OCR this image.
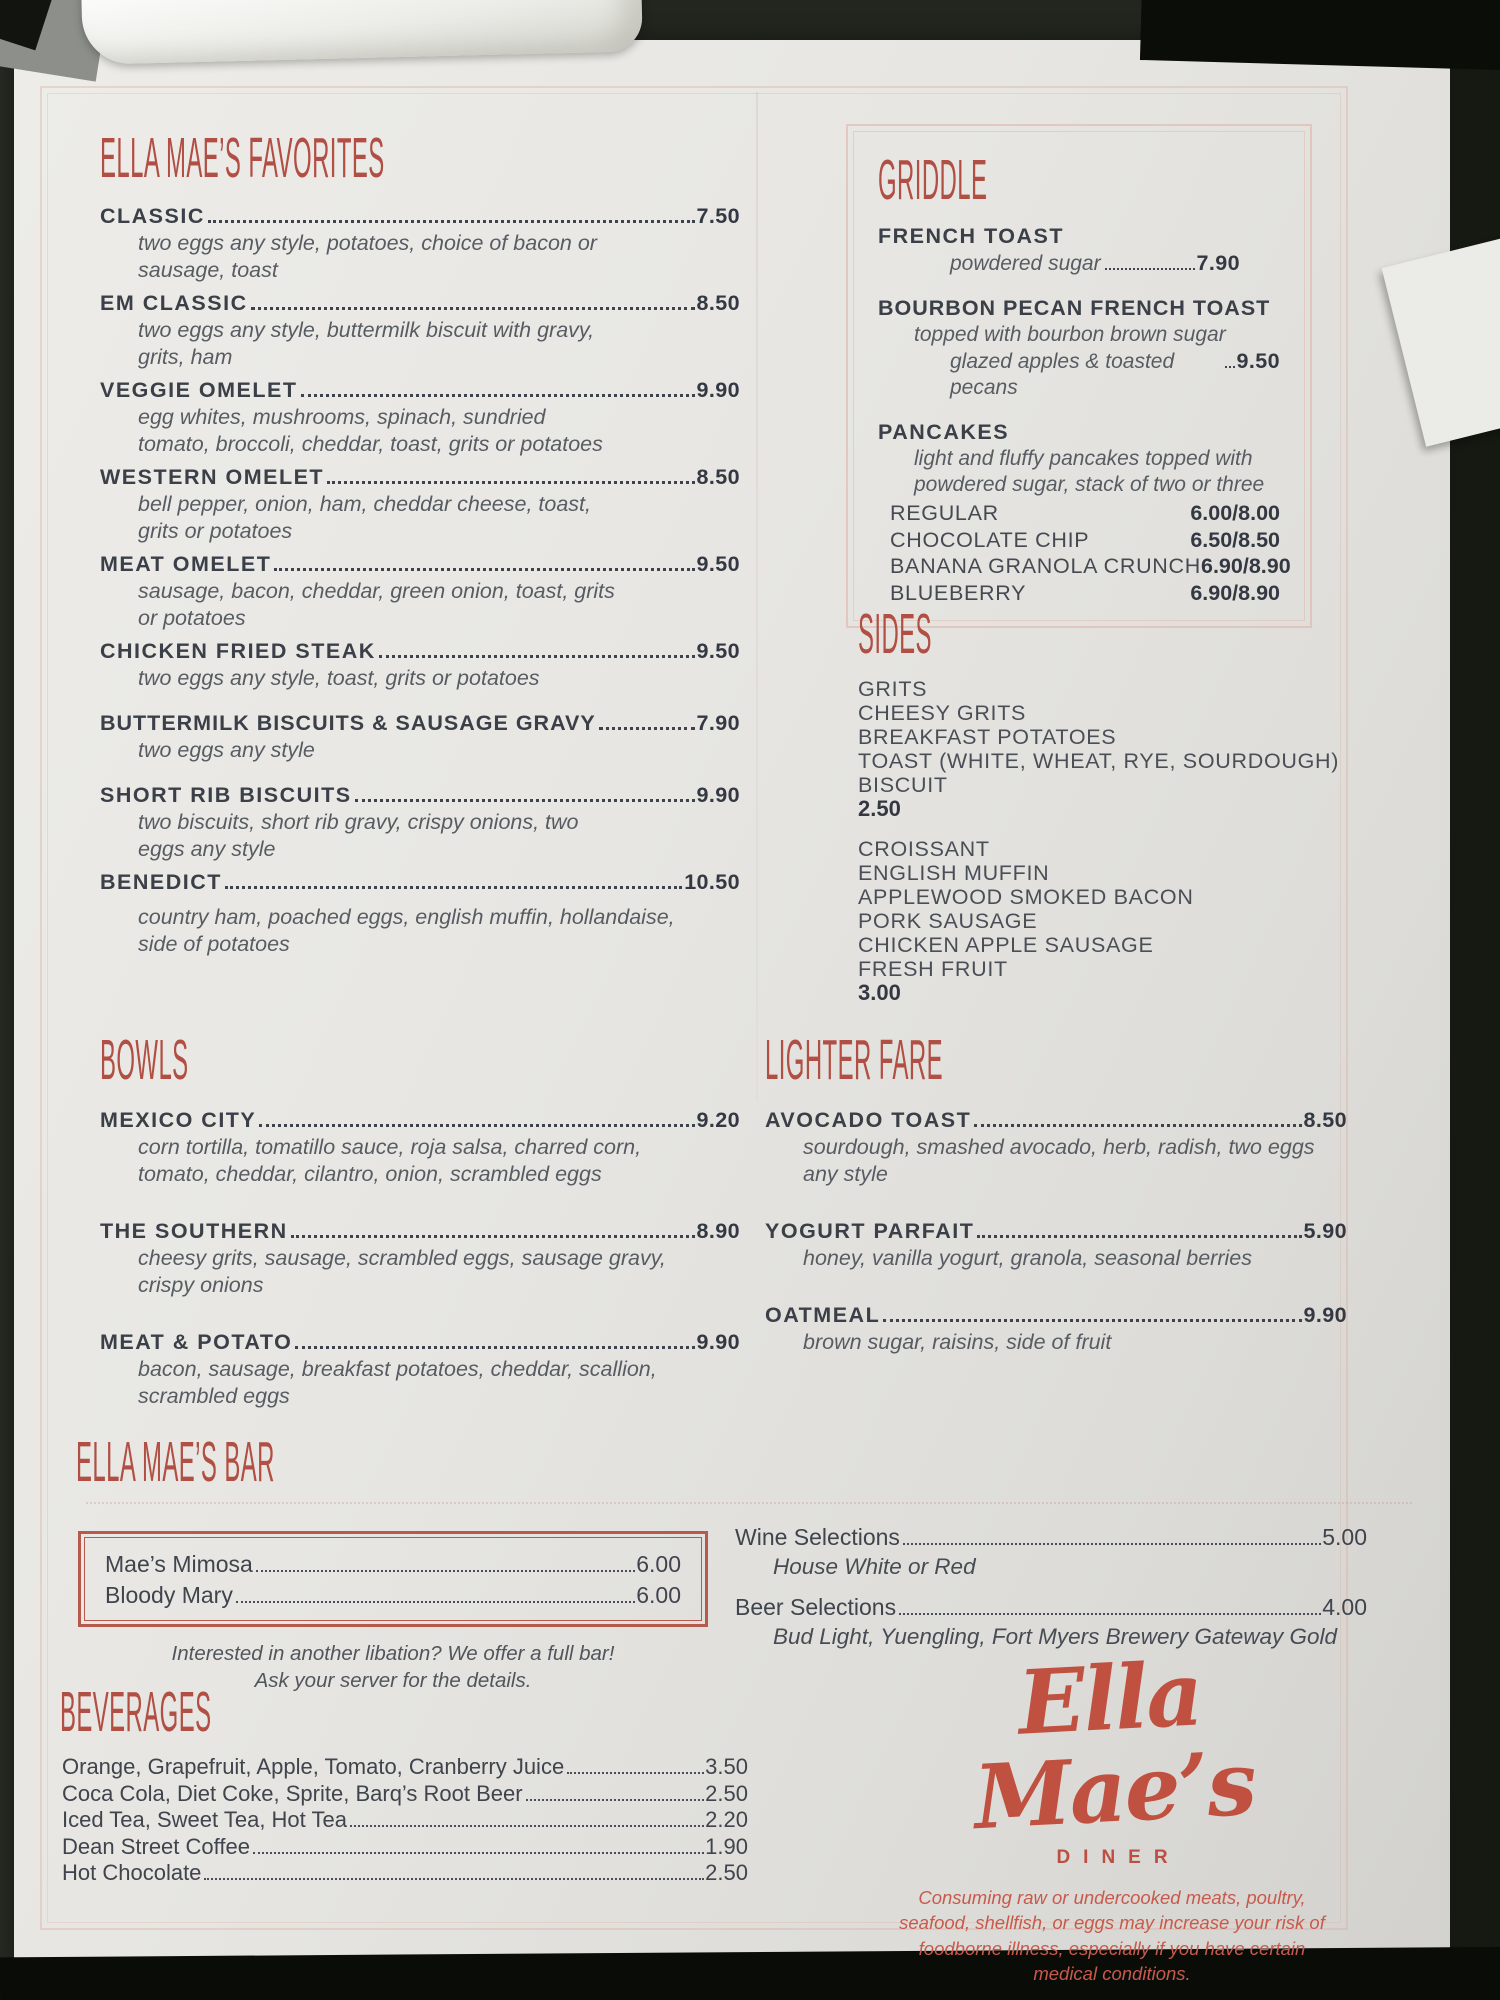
ELLA MAE’S FAVORITES
CLASSIC	7.50
two eggs any style, potatoes, choice of bacon or sausage, toast
EM CLASSIC	8.50
two eggs any style, buttermilk biscuit with gravy, grits, ham
VEGGIE OMELET	9.90
egg whites, mushrooms, spinach, sundried tomato, broccoli, cheddar, toast, grits or potatoes
WESTERN OMELET	8.50
bell pepper, onion, ham, cheddar cheese, toast, grits or potatoes
MEAT OMELET	9.50
sausage, bacon, cheddar, green onion, toast, grits or potatoes
CHICKEN FRIED STEAK	9.50
two eggs any style, toast, grits or potatoes
BUTTERMILK BISCUITS & SAUSAGE GRAVY	7.90
two eggs any style
SHORT RIB BISCUITS	9.90
two biscuits, short rib gravy, crispy onions, two eggs any style
BENEDICT	10.50
country ham, poached eggs, english muffin, hollandaise, side of potatoes
GRIDDLE
FRENCH TOAST
powdered sugar	7.90
BOURBON PECAN FRENCH TOAST
topped with bourbon brown sugar
glazed apples & toasted pecans
9.50
PANCAKES
light and fluffy pancakes topped with
powdered sugar, stack of two or three
REGULAR	6.00/8.00
CHOCOLATE CHIP	6.50/8.50
BANANA GRANOLA CRUNCH 6.90/8.90
BLUEBERRY	6.90/8.90
SIDES
GRITS
CHEESY GRITS
BREAKFAST POTATOES
TOAST (WHITE, WHEAT, RYE, SOURDOUGH)
BISCUIT
2.50
CROISSANT
ENGLISH MUFFIN
APPLEWOOD SMOKED BACON
PORK SAUSAGE
CHICKEN APPLE SAUSAGE
FRESH FRUIT
3.00
BOWLS
MEXICO CITY	9.20
corn tortilla, tomatillo sauce, roja salsa, charred corn, tomato, cheddar, cilantro, onion, scrambled eggs
THE SOUTHERN	8.90
cheesy grits, sausage, scrambled eggs, sausage gravy, crispy onions
MEAT & POTATO	9.90
bacon, sausage, breakfast potatoes, cheddar, scallion, scrambled eggs
LIGHTER FARE
AVOCADO TOAST	8.50
sourdough, smashed avocado, herb, radish, two eggs any style
YOGURT PARFAIT	5.90
honey, vanilla yogurt, granola, seasonal berries
OATMEAL	9.90
brown sugar, raisins, side of fruit
ELLA MAE’S BAR
Mae’s Mimosa	6.00
Bloody Mary	6.00
Interested in another libation? We offer a full bar!
Ask your server for the details.
Wine Selections	5.00
House White or Red
Beer Selections	4.00
Bud Light, Yuengling, Fort Myers Brewery Gateway Gold
BEVERAGES
Orange, Grapefruit, Apple, Tomato, Cranberry Juice	3.50
Coca Cola, Diet Coke, Sprite, Barq’s Root Beer	2.50
Iced Tea, Sweet Tea, Hot Tea	2.20
Dean Street Coffee	1.90
Hot Chocolate	2.50
Ella Mae’s
DINER
Consuming raw or undercooked meats, poultry, seafood, shellfish, or eggs may increase your risk of foodborne illness, especially if you have certain medical conditions.
